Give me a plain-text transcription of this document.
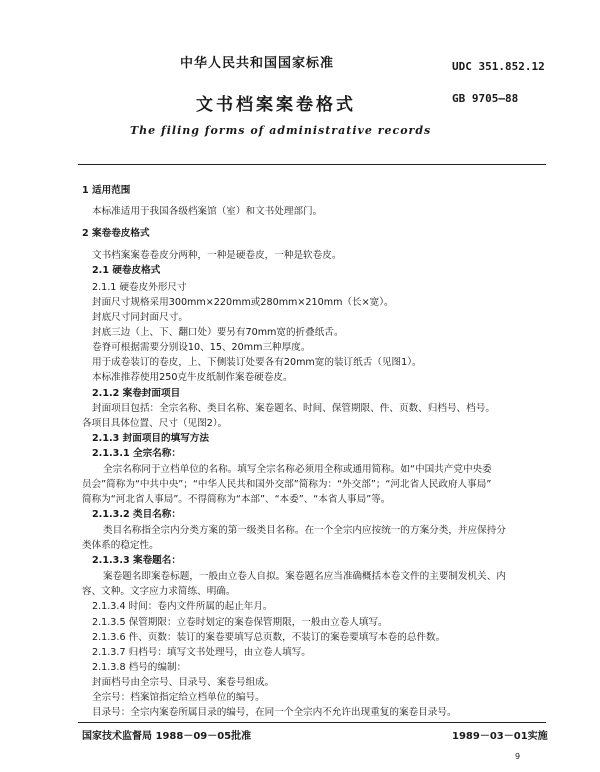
中华人民共和国国家标准	UDC 351.852.12
文书档案案卷格式	GB 9705—88
The filing forms of administrative records
1 适用范围
本标准适用于我国各级档案馆（室）和文书处理部门。
2 案卷卷皮格式
文书档案案卷卷皮分两种，一种是硬卷皮，一种是软卷皮。
2.1 硬卷皮格式
2.1.1 硬卷皮外形尺寸
封面尺寸规格采用300mm×220mm或280mm×210mm（长×宽）。
封底尺寸同封面尺寸。
封底三边（上、下、翻口处）要另有70mm宽的折叠纸舌。
卷脊可根据需要分别设10、15、20mm三种厚度。
用于成卷装订的卷皮，上、下侧装订处要各有20mm宽的装订纸舌（见图1）。
本标准推荐使用250克牛皮纸制作案卷硬卷皮。
2.1.2 案卷封面项目
封面项目包括：全宗名称、类目名称、案卷题名、时间、保管期限、件、页数、归档号、档号。
各项目具体位置、尺寸（见图2）。
2.1.3 封面项目的填写方法
2.1.3.1 全宗名称：
全宗名称同于立档单位的名称。填写全宗名称必须用全称或通用简称。如“中国共产党中央委
员会”简称为“中共中央”；“中华人民共和国外交部”简称为：“外交部”；“河北省人民政府人事局”
简称为“河北省人事局”。不得简称为“本部”、“本委”、“本省人事局”等。
2.1.3.2 类目名称：
类目名称指全宗内分类方案的第一级类目名称。在一个全宗内应按统一的方案分类，并应保持分
类体系的稳定性。
2.1.3.3 案卷题名：
案卷题名即案卷标题，一般由立卷人自拟。案卷题名应当准确概括本卷文件的主要制发机关、内
容、文种。文字应力求简练、明确。
2.1.3.4 时间：卷内文件所属的起止年月。
2.1.3.5 保管期限：立卷时划定的案卷保管期限，一般由立卷人填写。
2.1.3.6 件、页数：装订的案卷要填写总页数，不装订的案卷要填写本卷的总件数。
2.1.3.7 归档号：填写文书处理号，由立卷人填写。
2.1.3.8 档号的编制：
封面档号由全宗号、目录号、案卷号组成。
全宗号：档案馆指定给立档单位的编号。
目录号：全宗内案卷所属目录的编号，在同一个全宗内不允许出现重复的案卷目录号。
国家技术监督局 1988－09－05批准	1989－03－01实施
9
